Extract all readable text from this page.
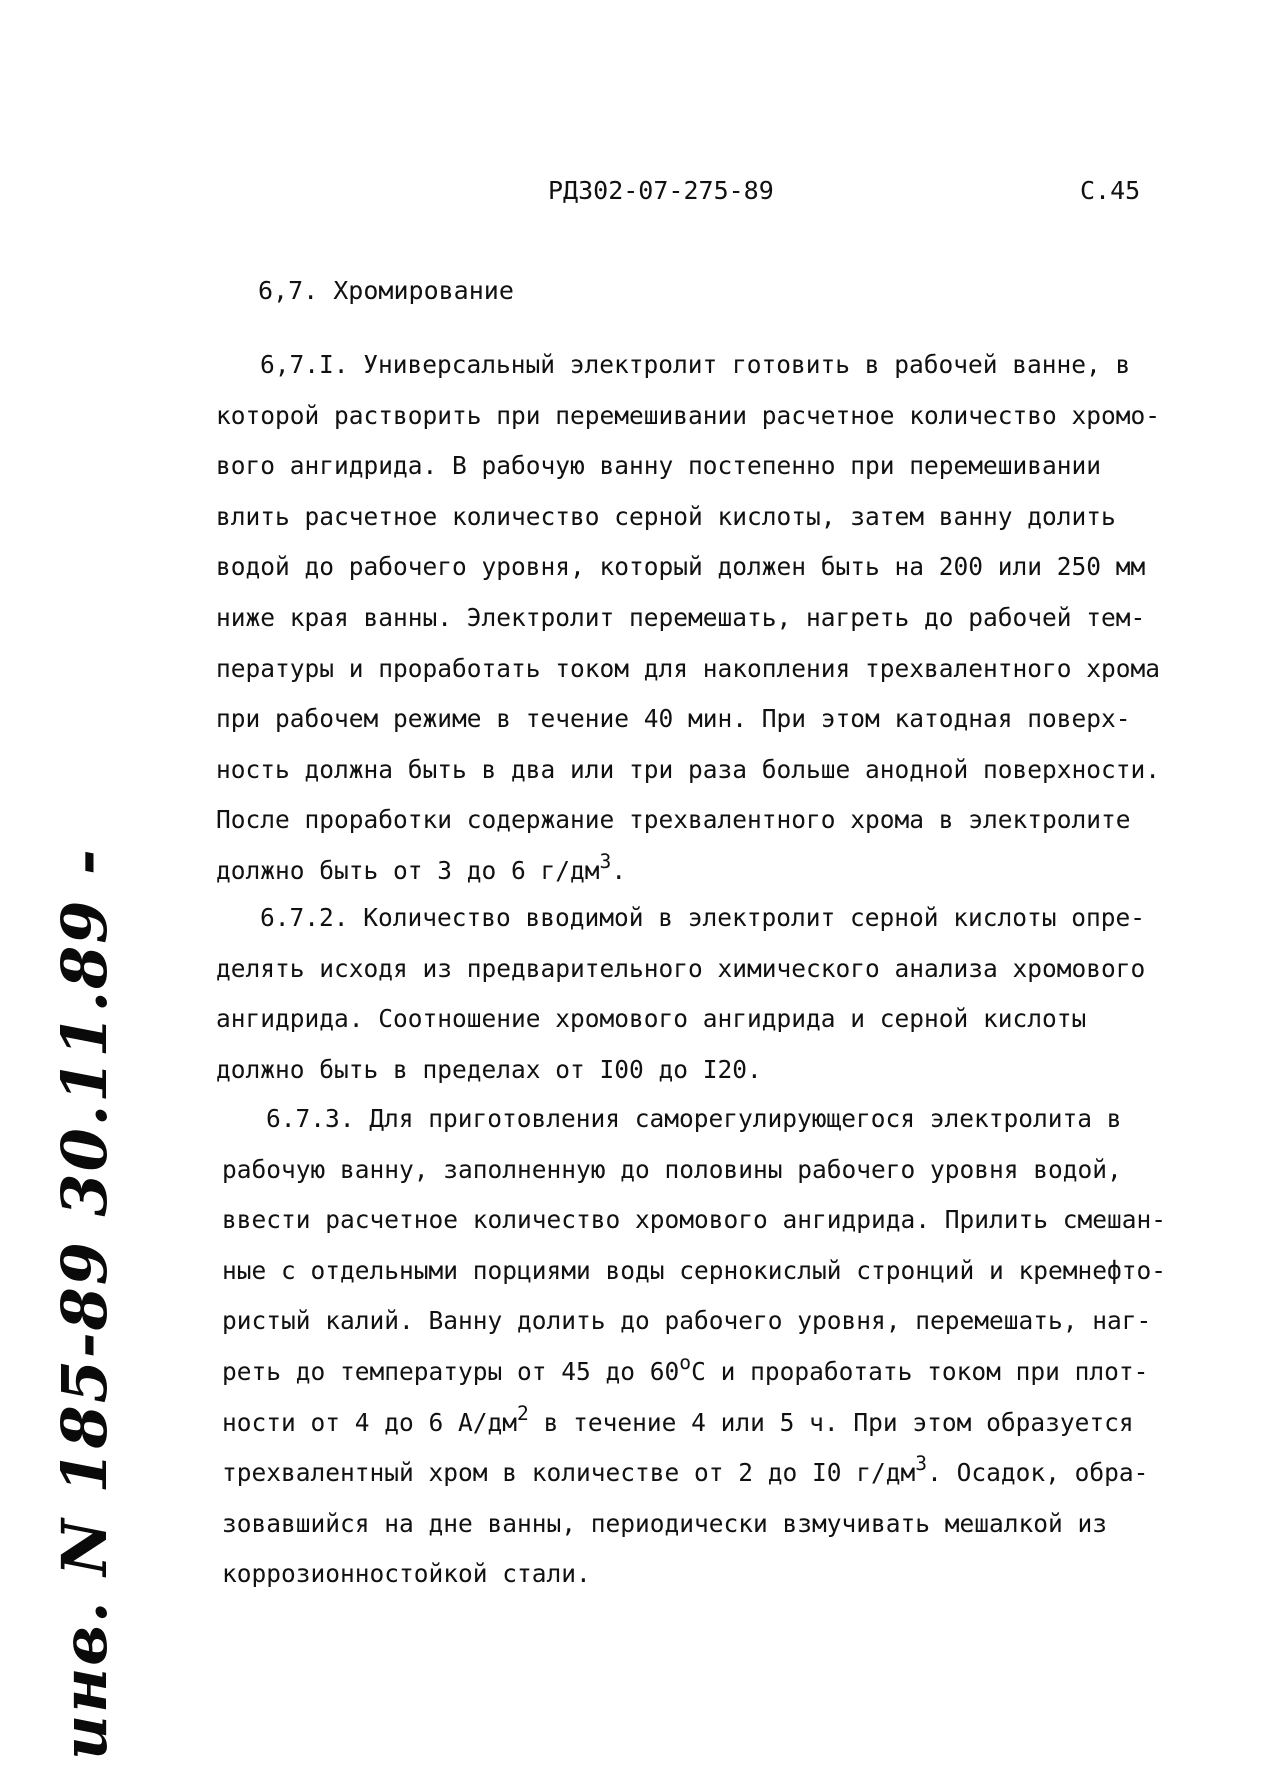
РД302-07-275-89	С.45
6,7. Хромирование
6,7.I. Универсальный электролит готовить в рабочей ванне, в
которой растворить при перемешивании расчетное количество хромо-
вого ангидрида. В рабочую ванну постепенно при перемешивании
влить расчетное количество серной кислоты, затем ванну долить
водой до рабочего уровня, который должен быть на 200 или 250 мм
ниже края ванны. Электролит перемешать, нагреть до рабочей тем-
пературы и проработать током для накопления трехвалентного хрома
при рабочем режиме в течение 40 мин. При этом катодная поверх-
ность должна быть в два или три раза больше анодной поверхности.
После проработки содержание трехвалентного хрома в электролите
должно быть от 3 до 6 $г/дм^3$.
6.7.2. Количество вводимой в электролит серной кислоты опре-
делять исходя из предварительного химического анализа хромового
ангидрида. Соотношение хромового ангидрида и серной кислоты
должно быть в пределах от I00 до I20.
6.7.3. Для приготовления саморегулирующегося электролита в
рабочую ванну, заполненную до половины рабочего уровня водой,
ввести расчетное количество хромового ангидрида. Прилить смешан-
ные с отдельными порциями воды сернокислый стронций и кремнефто-
ристый калий. Ванну долить до рабочего уровня, перемешать, наг-
реть до температуры от 45 до $60^оС$ и проработать током при плот-
ности от 4 до 6 $А/дм^2$ в течение 4 или 5 ч. При этом образуется
трехвалентный хром в количестве от 2 до I0 $г/дм^3$. Осадок, обра-
зовавшийся на дне ванны, периодически взмучивать мешалкой из
коррозионностойкой стали.
инв. N 185-89 30.11.89 -
